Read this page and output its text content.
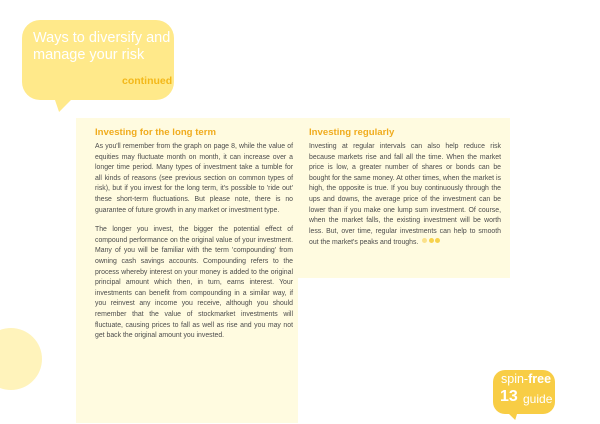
Ways to diversify and manage your risk
continued
Investing for the long term

As you'll remember from the graph on page 8, while the value of equities may fluctuate month on month, it can increase over a longer time period. Many types of investment take a tumble for all kinds of reasons (see previous section on common types of risk), but if you invest for the long term, it's possible to 'ride out' these short-term fluctuations. But please note, there is no guarantee of future growth in any market or investment type.

The longer you invest, the bigger the potential effect of compound performance on the original value of your investment. Many of you will be familiar with the term 'compounding' from owning cash savings accounts. Compounding refers to the process whereby interest on your money is added to the original principal amount which then, in turn, earns interest. Your investments can benefit from compounding in a similar way, if you reinvest any income you receive, although you should remember that the value of stockmarket investments will fluctuate, causing prices to fall as well as rise and you may not get back the original amount you invested.

Investing regularly

Investing at regular intervals can also help reduce risk because markets rise and fall all the time. When the market price is low, a greater number of shares or bonds can be bought for the same money. At other times, when the market is high, the opposite is true. If you buy continuously through the ups and downs, the average price of the investment can be lower than if you make one lump sum investment. Of course, when the market falls, the existing investment will be worth less. But, over time, regular investments can help to smooth out the market's peaks and troughs.

spin-free
13 guide
